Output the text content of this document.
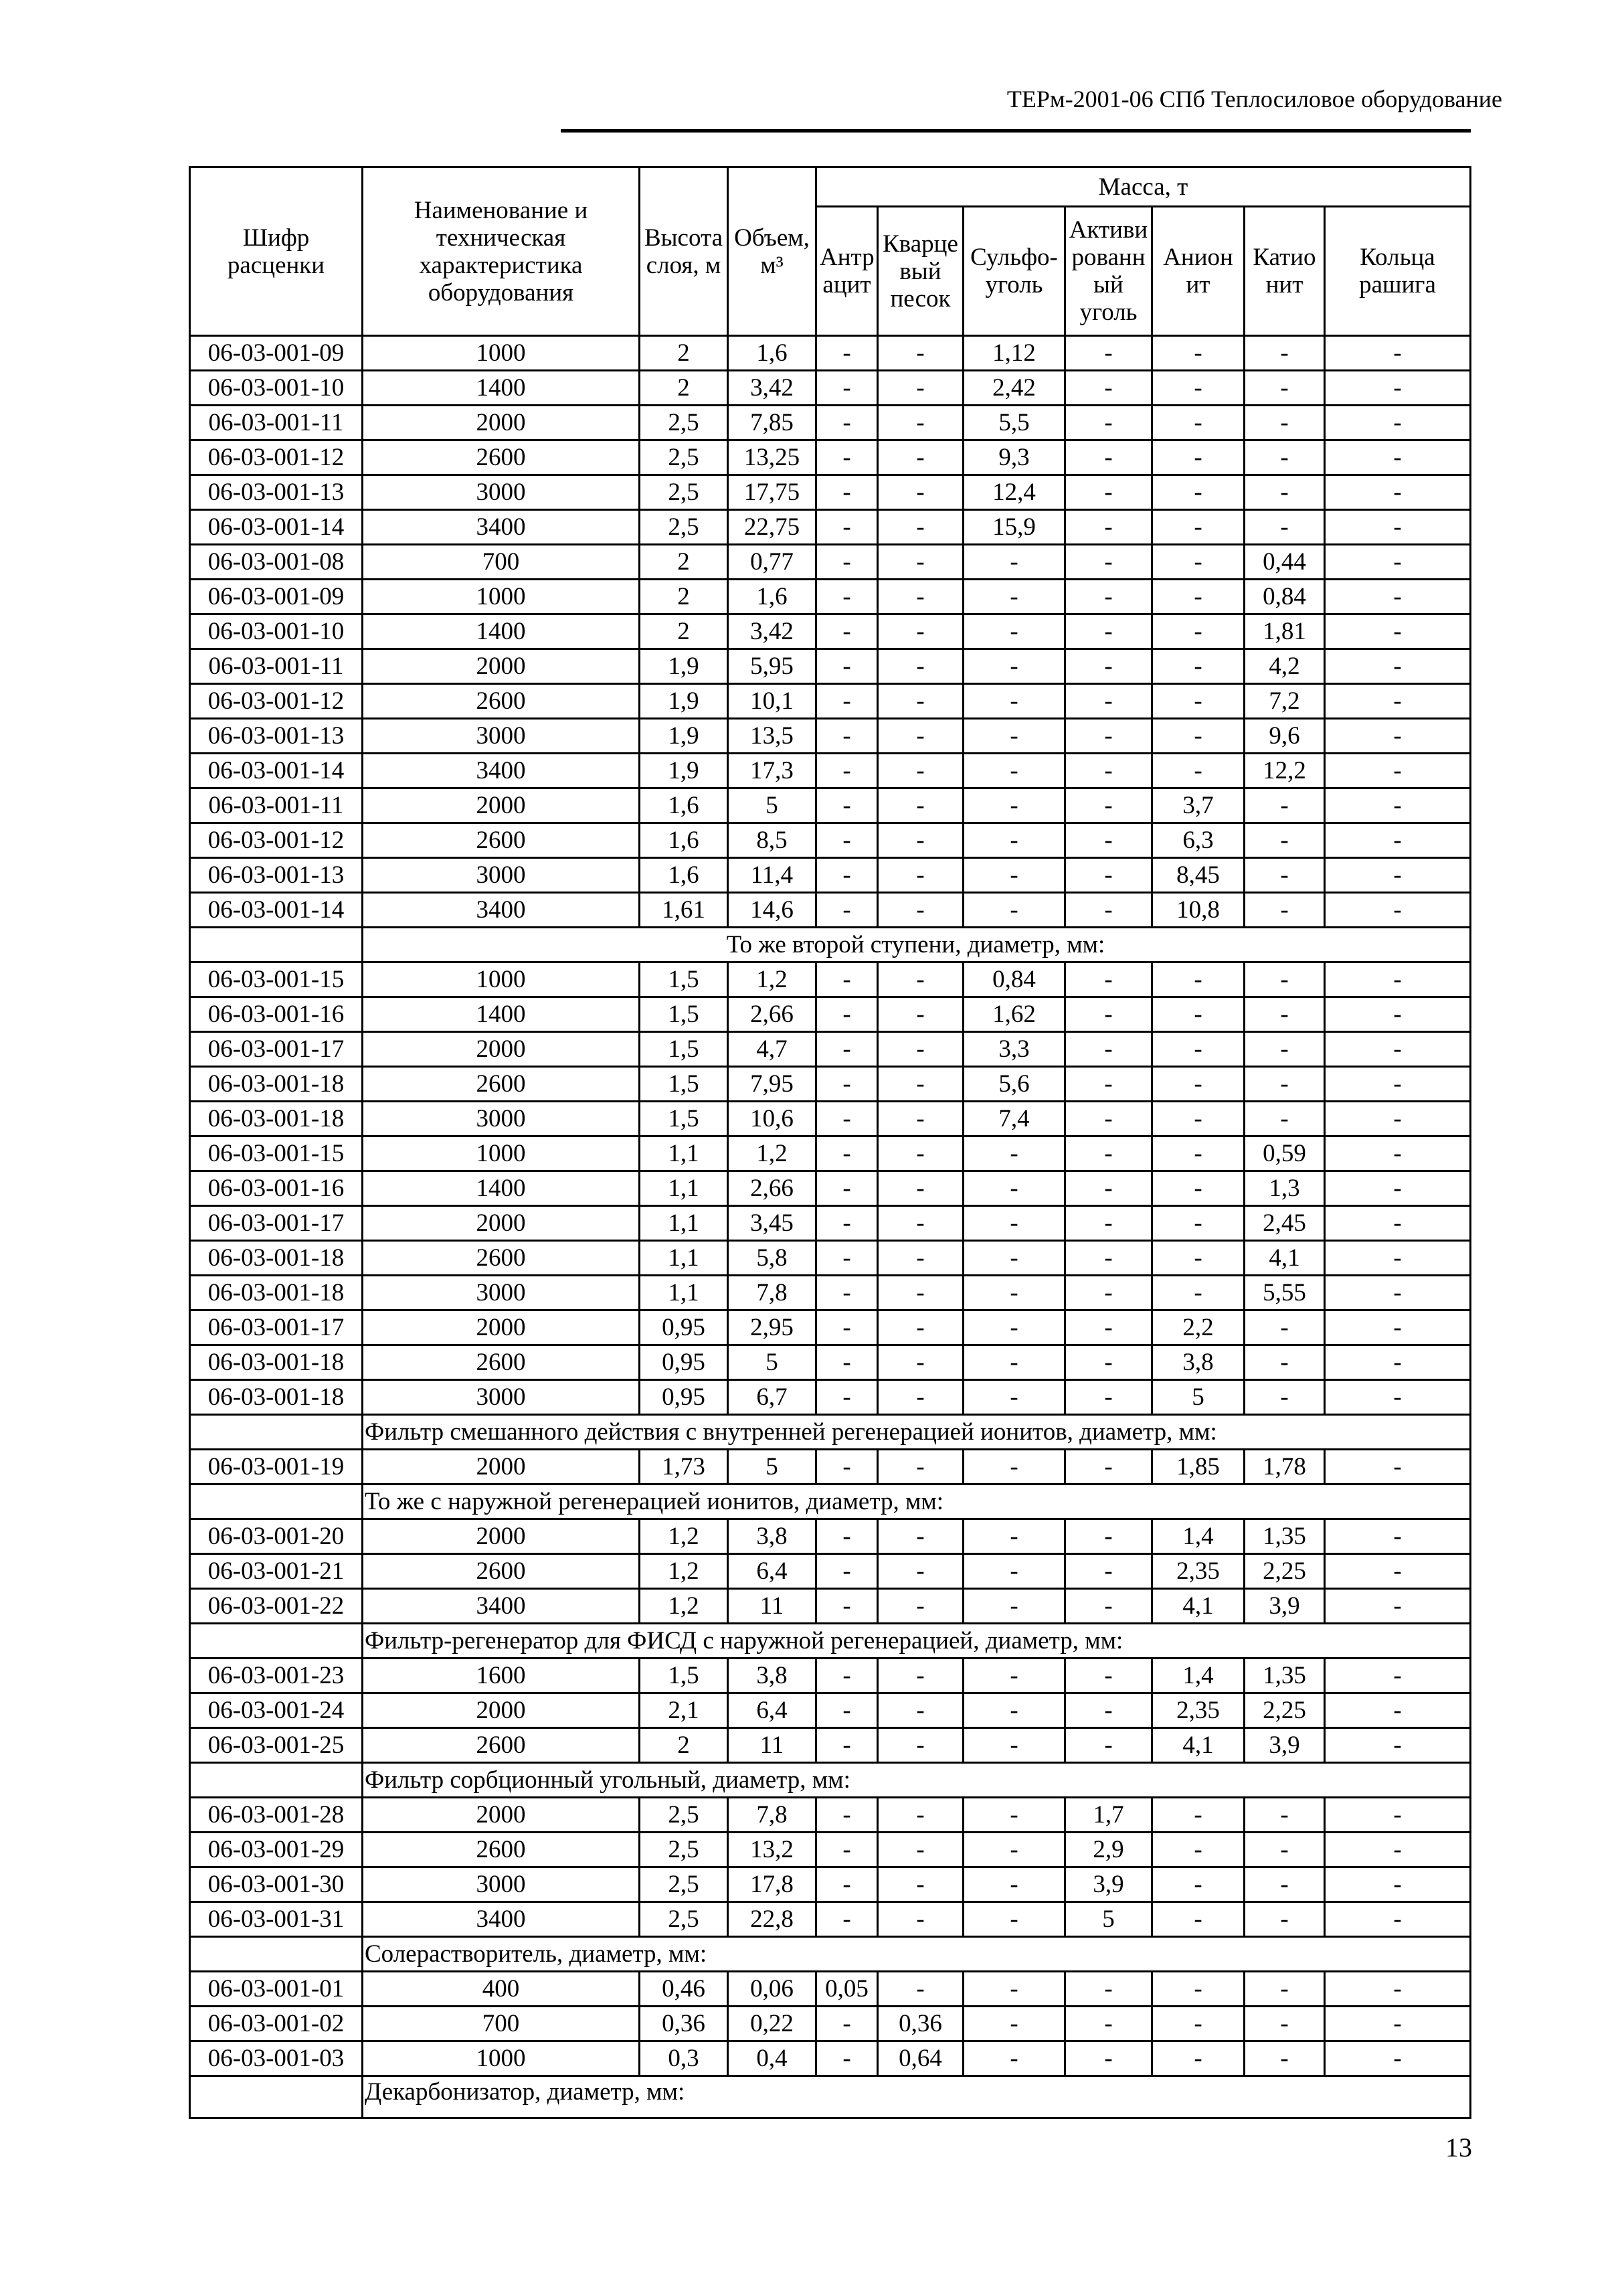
ТЕРм-2001-06 СПб Теплосиловое оборудование
Шифр расценки	Наименование и техническая характеристика оборудования	Высота слоя, м	Объем, м³	Масса, т						
				Антр ацит	Кварце вый песок	Сульфо- уголь	Активи рованн ый уголь	Анион ит	Катио нит	Кольца рашига
06-03-001-09	1000	2	1,6	-	-	1,12	-	-	-	-
06-03-001-10	1400	2	3,42	-	-	2,42	-	-	-	-
06-03-001-11	2000	2,5	7,85	-	-	5,5	-	-	-	-
06-03-001-12	2600	2,5	13,25	-	-	9,3	-	-	-	-
06-03-001-13	3000	2,5	17,75	-	-	12,4	-	-	-	-
06-03-001-14	3400	2,5	22,75	-	-	15,9	-	-	-	-
06-03-001-08	700	2	0,77	-	-	-	-	-	0,44	-
06-03-001-09	1000	2	1,6	-	-	-	-	-	0,84	-
06-03-001-10	1400	2	3,42	-	-	-	-	-	1,81	-
06-03-001-11	2000	1,9	5,95	-	-	-	-	-	4,2	-
06-03-001-12	2600	1,9	10,1	-	-	-	-	-	7,2	-
06-03-001-13	3000	1,9	13,5	-	-	-	-	-	9,6	-
06-03-001-14	3400	1,9	17,3	-	-	-	-	-	12,2	-
06-03-001-11	2000	1,6	5	-	-	-	-	3,7	-	-
06-03-001-12	2600	1,6	8,5	-	-	-	-	6,3	-	-
06-03-001-13	3000	1,6	11,4	-	-	-	-	8,45	-	-
06-03-001-14	3400	1,61	14,6	-	-	-	-	10,8	-	-
	То же второй ступени, диаметр, мм:									
06-03-001-15	1000	1,5	1,2	-	-	0,84	-	-	-	-
06-03-001-16	1400	1,5	2,66	-	-	1,62	-	-	-	-
06-03-001-17	2000	1,5	4,7	-	-	3,3	-	-	-	-
06-03-001-18	2600	1,5	7,95	-	-	5,6	-	-	-	-
06-03-001-18	3000	1,5	10,6	-	-	7,4	-	-	-	-
06-03-001-15	1000	1,1	1,2	-	-	-	-	-	0,59	-
06-03-001-16	1400	1,1	2,66	-	-	-	-	-	1,3	-
06-03-001-17	2000	1,1	3,45	-	-	-	-	-	2,45	-
06-03-001-18	2600	1,1	5,8	-	-	-	-	-	4,1	-
06-03-001-18	3000	1,1	7,8	-	-	-	-	-	5,55	-
06-03-001-17	2000	0,95	2,95	-	-	-	-	2,2	-	-
06-03-001-18	2600	0,95	5	-	-	-	-	3,8	-	-
06-03-001-18	3000	0,95	6,7	-	-	-	-	5	-	-
	Фильтр смешанного действия с внутренней регенерацией ионитов, диаметр, мм:									
06-03-001-19	2000	1,73	5	-	-	-	-	1,85	1,78	-
	То же с наружной регенерацией ионитов, диаметр, мм:									
06-03-001-20	2000	1,2	3,8	-	-	-	-	1,4	1,35	-
06-03-001-21	2600	1,2	6,4	-	-	-	-	2,35	2,25	-
06-03-001-22	3400	1,2	11	-	-	-	-	4,1	3,9	-
	Фильтр-регенератор для ФИСД с наружной регенерацией, диаметр, мм:									
06-03-001-23	1600	1,5	3,8	-	-	-	-	1,4	1,35	-
06-03-001-24	2000	2,1	6,4	-	-	-	-	2,35	2,25	-
06-03-001-25	2600	2	11	-	-	-	-	4,1	3,9	-
	Фильтр сорбционный угольный, диаметр, мм:									
06-03-001-28	2000	2,5	7,8	-	-	-	1,7	-	-	-
06-03-001-29	2600	2,5	13,2	-	-	-	2,9	-	-	-
06-03-001-30	3000	2,5	17,8	-	-	-	3,9	-	-	-
06-03-001-31	3400	2,5	22,8	-	-	-	5	-	-	-
	Солерастворитель, диаметр, мм:									
06-03-001-01	400	0,46	0,06	0,05	-	-	-	-	-	-
06-03-001-02	700	0,36	0,22	-	0,36	-	-	-	-	-
06-03-001-03	1000	0,3	0,4	-	0,64	-	-	-	-	-
	Декарбонизатор, диаметр, мм:									
13
